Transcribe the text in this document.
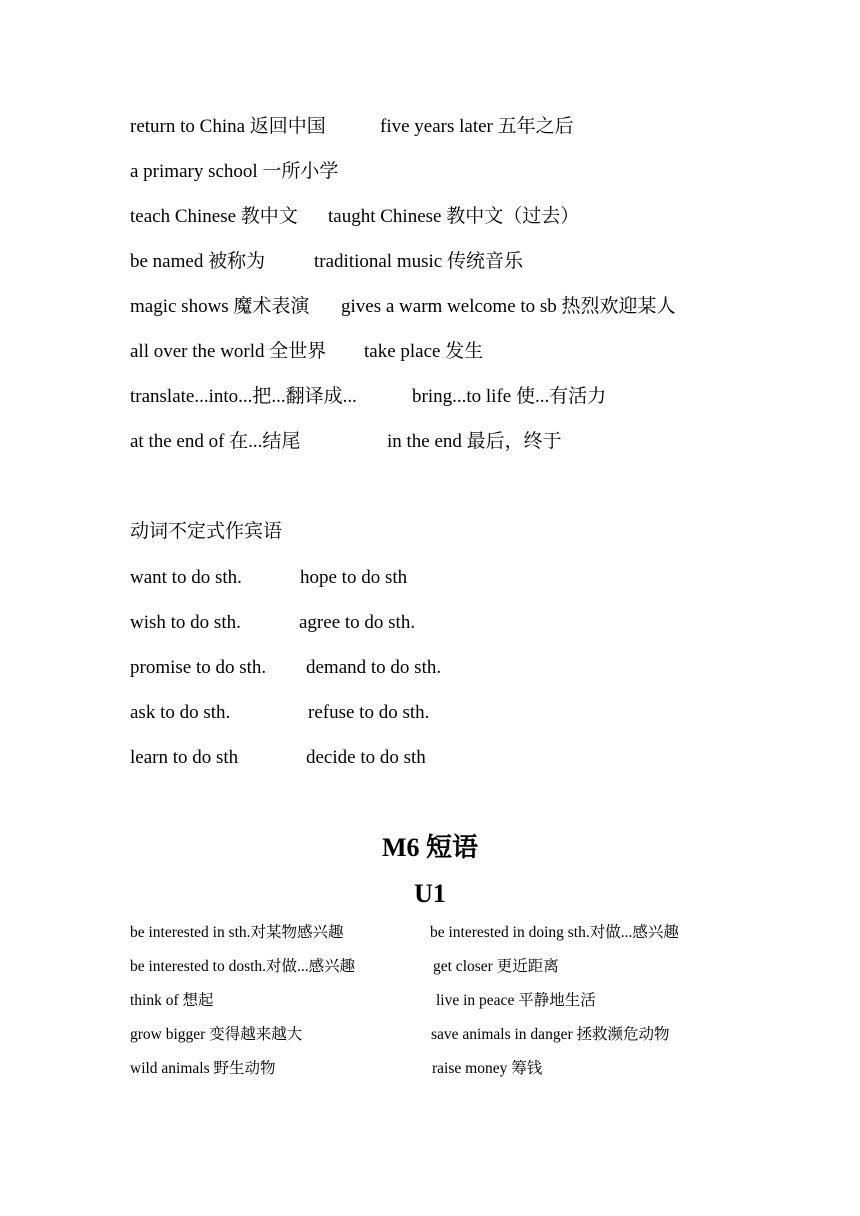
return to China 返回中国	five years later 五年之后
a primary school 一所小学
teach Chinese 教中文 taught Chinese 教中文（过去）
be named 被称为	traditional music 传统音乐
magic shows 魔术表演 gives a warm welcome to sb 热烈欢迎某人
all over the world 全世界 take place 发生
translate...into...把...翻译成...	bring...to life 使...有活力
at the end of 在...结尾	in the end 最后，终于
动词不定式作宾语
want to do sth.	hope to do sth
wish to do sth.	agree to do sth.
promise to do sth. demand to do sth.
ask to do sth.	refuse to do sth.
learn to do sth	decide to do sth
M6 短语
U1
be interested in sth.对某物感兴趣	be interested in doing sth.对做...感兴趣
be interested to dosth.对做...感兴趣	get closer 更近距离
think of 想起	live in peace 平静地生活
grow bigger 变得越来越大	save animals in danger 拯救濒危动物
wild animals 野生动物	raise money 筹钱
